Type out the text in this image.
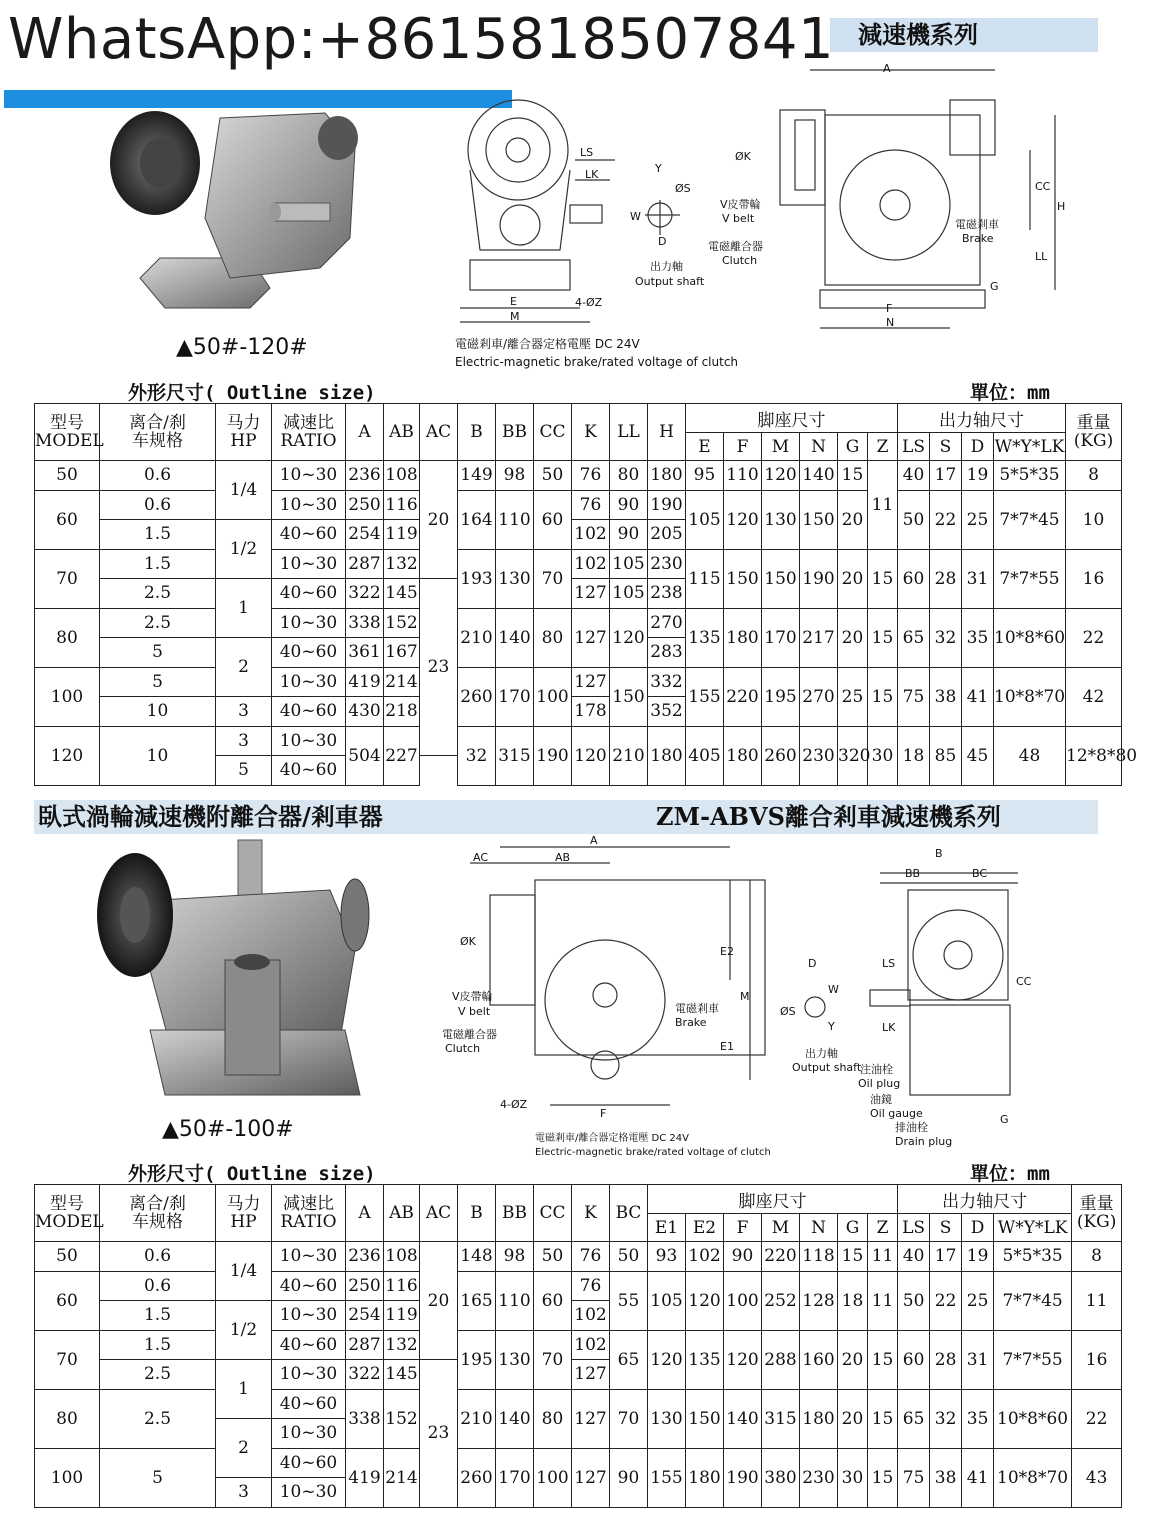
減速機系列
WhatsApp:+8615818507841
▲50#-120#
A
LS
LK	Y
ØS
W
D
E
M
4-ØZ
ØK
V皮帶輪
V belt
電磁離合器
Clutch
出力軸
Output shaft
電磁剎車
Brake
CC
H
LL
G
F
N
電磁剎車/離合器定格電壓 DC 24V
Electric-magnetic brake/rated voltage of clutch
外形尺寸( Outline size)	單位：mm
型号
MODEL	离合/刹
车规格	马力
HP	减速比
RATIO	A	AB	AC	B	BB	CC	K	LL	H	脚座尺寸						出力轴尺寸				重量
(KG)	
													E	F	M	N	G	Z	LS	S	D	W*Y*LK		
50	0.6	1/4	10~30	236	108	20	149	98	50	76	80	180	95	110	120	140	15	11	40	17	19	5*5*35	8	
60	0.6		10~30	250	116		164	110	60	76	90	190	105	120	130	150	20		50	22	25	7*7*45	10	
	1.5	1/2	40~60	254	119					102	90	205												
70	1.5		10~30	287	132		193	130	70	102	105	230	115	150	150	190	20	15	60	28	31	7*7*55	16	
	2.5	1	40~60	322	145	23				127	105	238												
80	2.5		10~30	338	152		210	140	80	127	120	270	135	180	170	217	20	15	65	32	35	10*8*60	22	
	5	2	40~60	361	167							283												
100	5		10~30	419	214		260	170	100	127	150	332	155	220	195	270	25	15	75	38	41	10*8*70	42	
	10	3	40~60	430	218					178		352												
120	10	3	10~30	504	227		32	315	190	120	210	180	405	180	260	230	320	30	18	85	45	48	12*8*80	
		5	40~60																					
臥式渦輪減速機附離合器/剎車器	ZM-ABVS離合剎車減速機系列
▲50#-100#
A
AC	AB
ØK
E2
M
E1
V皮帶輪
V belt	電磁剎車
Brake
電磁離合器
Clutch
4-ØZ
F
B
BB	BC
D
W
LS
CC
ØS
Y	LK
出力軸
Output shaft
注油栓
Oil plug
油鏡
Oil gauge
排油栓
Drain plug
G
電磁剎車/離合器定格電壓 DC 24V
Electric-magnetic brake/rated voltage of clutch
外形尺寸( Outline size)	單位：mm
型号
MODEL	离合/刹
车规格	马力
HP	减速比
RATIO	A	AB	AC	B	BB	CC	K	BC	脚座尺寸							出力轴尺寸				重量
(KG)
												E1	E2	F	M	N	G	Z	LS	S	D	W*Y*LK	
50	0.6	1/4	10~30	236	108	20	148	98	50	76	50	93	102	90	220	118	15	11	40	17	19	5*5*35	8
60	0.6		40~60	250	116		165	110	60	76	55	105	120	100	252	128	18	11	50	22	25	7*7*45	11
	1.5	1/2	10~30	254	119					102													
70	1.5		40~60	287	132		195	130	70	102	65	120	135	120	288	160	20	15	60	28	31	7*7*55	16
	2.5	1	10~30	322	145	23				127													
80	2.5		40~60	338	152		210	140	80	127	70	130	150	140	315	180	20	15	65	32	35	10*8*60	22
		2	10~30																				
100	5		40~60	419	214		260	170	100	127	90	155	180	190	380	230	30	15	75	38	41	10*8*70	43
		3	10~30																				
